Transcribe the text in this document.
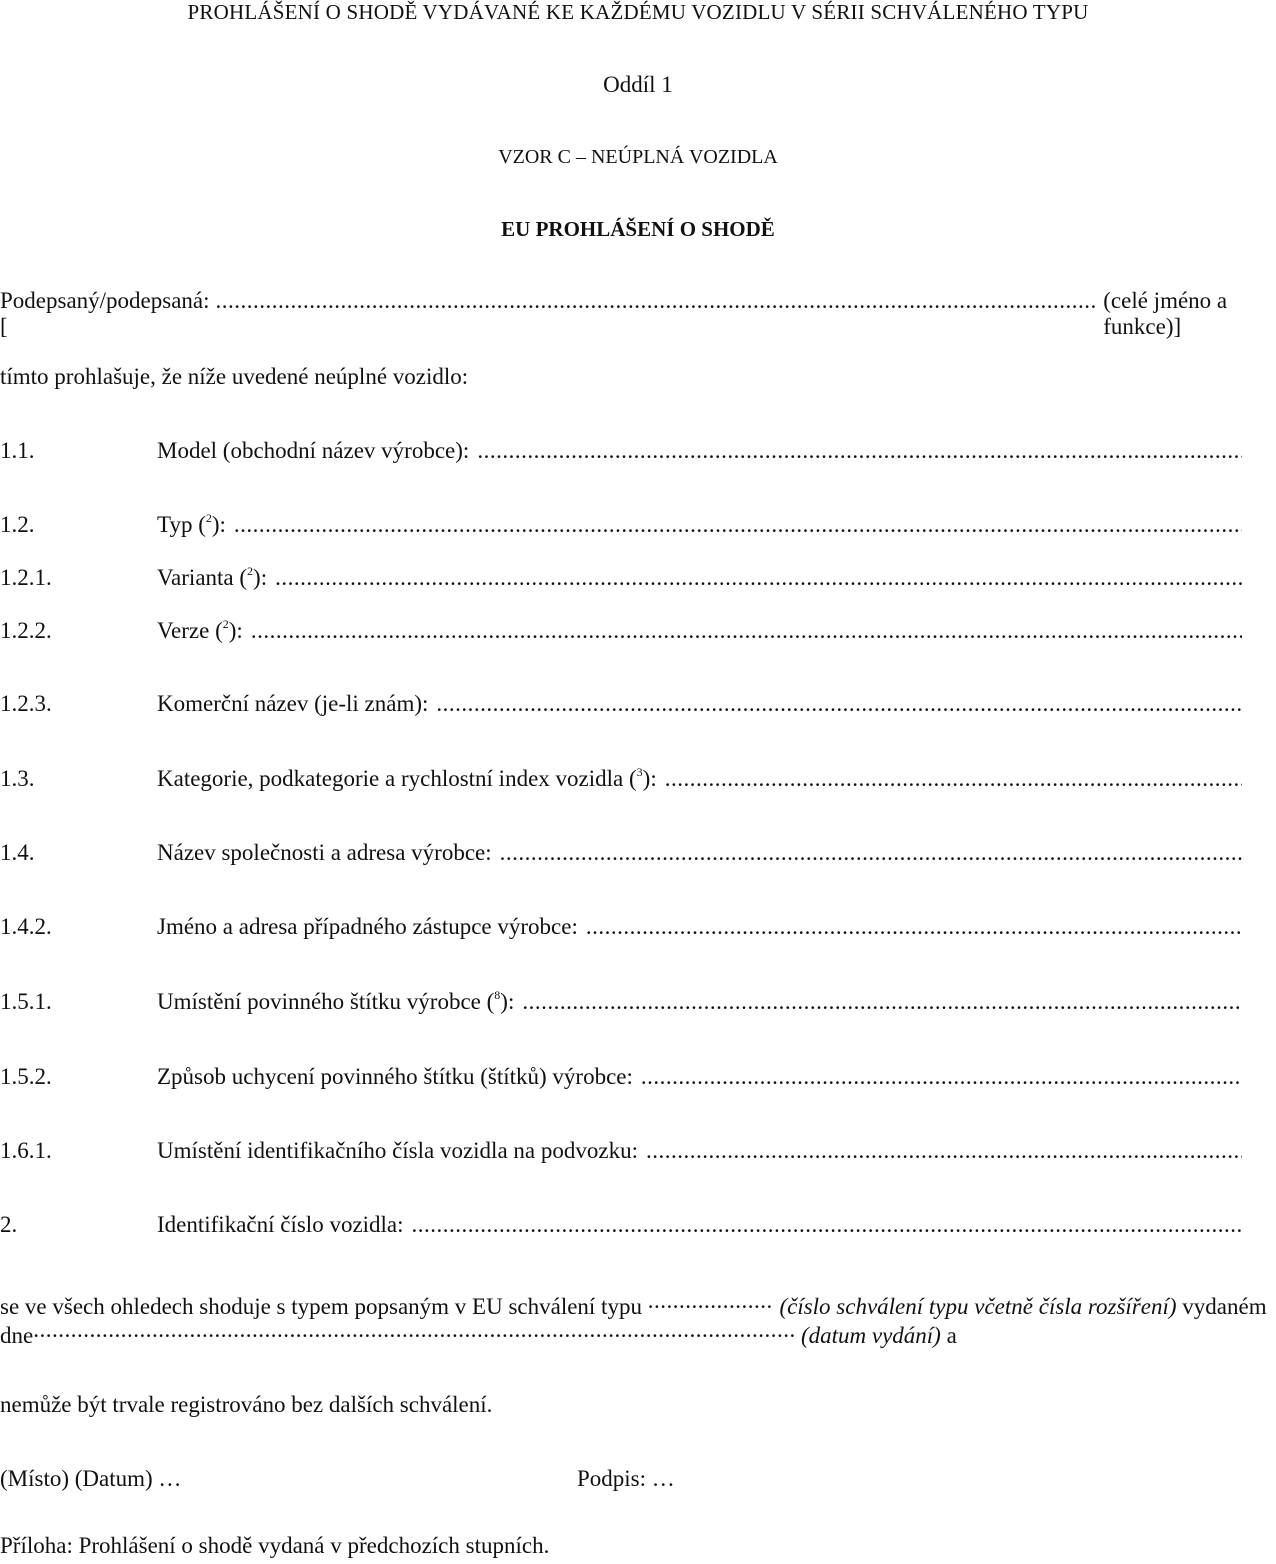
PROHLÁŠENÍ O SHODĚ VYDÁVANÉ KE KAŽDÉMU VOZIDLU V SÉRII SCHVÁLENÉHO TYPU
Oddíl 1
VZOR C – NEÚPLNÁ VOZIDLA
EU PROHLÁŠENÍ O SHODĚ
Podepsaný/podepsaná: [
.....
(celé jméno a funkce)]
tímto prohlašuje, že níže uvedené neúplné vozidlo:
1.1.	Model (obchodní název výrobce):
.....
1.2.	Typ ($^2$):
.....
1.2.1.	Varianta ($^2$):
.....
1.2.2.	Verze ($^2$):
.....
1.2.3.	Komerční název (je-li znám):
.....
1.3.	Kategorie, podkategorie a rychlostní index vozidla ($^3$):
.....
1.4.	Název společnosti a adresa výrobce:
.....
1.4.2.	Jméno a adresa případného zástupce výrobce:
.....
1.5.1.	Umístění povinného štítku výrobce ($^8$):
.....
1.5.2.	Způsob uchycení povinného štítku (štítků) výrobce:
.....
1.6.1.	Umístění identifikačního čísla vozidla na podvozku:
.....
2.	Identifikační číslo vozidla:
.....
se ve všech ohledech shoduje s typem popsaným v EU schválení typu .....	(číslo schválení typu včetně čísla rozšíření) vydaném
dne .....	(datum vydání) a
nemůže být trvale registrováno bez dalších schválení.
(Místo) (Datum) …	Podpis: …
Příloha: Prohlášení o shodě vydaná v předchozích stupních.
